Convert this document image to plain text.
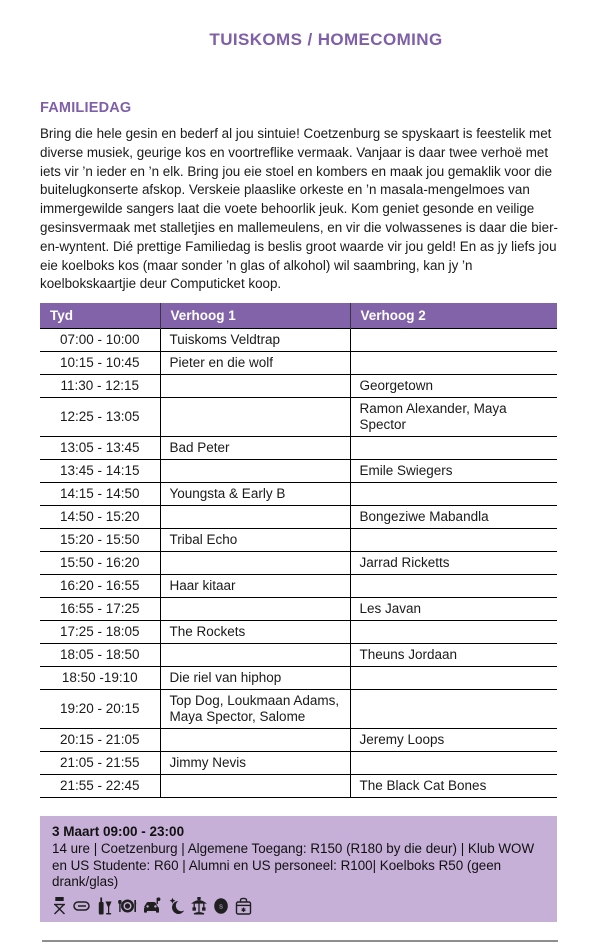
TUISKOMS / HOMECOMING
FAMILIEDAG

Bring die hele gesin en bederf al jou sintuie! Coetzenburg se spyskaart is feestelik met diverse musiek, geurige kos en voortreflike vermaak. Vanjaar is daar twee verhoë met iets vir ’n ieder en ’n elk. Bring jou eie stoel en kombers en maak jou gemaklik voor die buitelugkonserte afskop. Verskeie plaaslike orkeste en ’n masala-mengelmoes van immergewilde sangers laat die voete behoorlik jeuk. Kom geniet gesonde en veilige gesinsvermaak met stalletjies en mallemeulens, en vir die volwassenes is daar die bier-en-wyntent. Dié prettige Familiedag is beslis groot waarde vir jou geld! En as jy liefs jou eie koelboks kos (maar sonder ’n glas of alkohol) wil saambring, kan jy ’n koelbokskaartjie deur Computicket koop.

Tyd	Verhoog 1	Verhoog 2
07:00 - 10:00	Tuiskoms Veldtrap	
10:15 - 10:45	Pieter en die wolf	
11:30 - 12:15		Georgetown
12:25 - 13:05		Ramon Alexander, Maya Spector
13:05 - 13:45	Bad Peter	
13:45 - 14:15		Emile Swiegers
14:15 - 14:50	Youngsta & Early B	
14:50 - 15:20		Bongeziwe Mabandla
15:20 - 15:50	Tribal Echo	
15:50 - 16:20		Jarrad Ricketts
16:20 - 16:55	Haar kitaar	
16:55 - 17:25		Les Javan
17:25 - 18:05	The Rockets	
18:05 - 18:50		Theuns Jordaan
18:50 -19:10	Die riel van hiphop	
19:20 - 20:15	Top Dog, Loukmaan Adams, Maya Spector, Salome	
20:15 - 21:05		Jeremy Loops
21:05 - 21:55	Jimmy Nevis	
21:55 - 22:45		The Black Cat Bones
3 Maart 09:00 - 23:00
14 ure | Coetzenburg | Algemene Toegang: R150 (R180 by die deur) | Klub WOW en US Studente: R60 | Alumni en US personeel: R100| Koelboks R50 (geen drank/glas)
s
